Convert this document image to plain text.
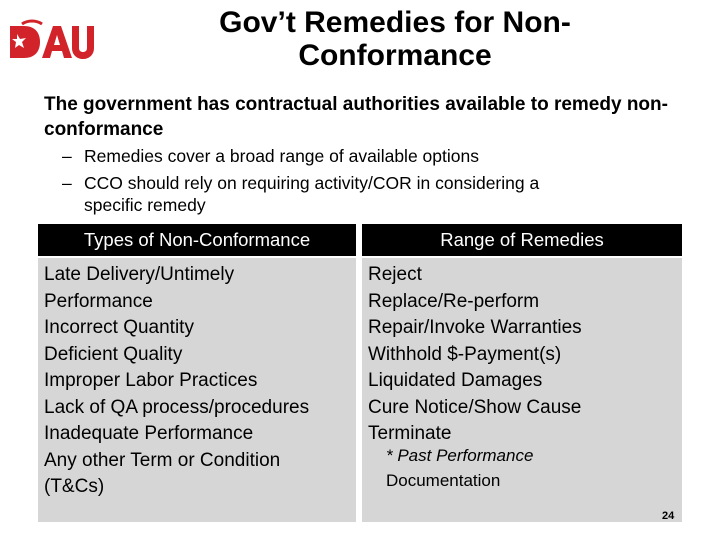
Gov’t Remedies for Non-Conformance
The government has contractual authorities available to remedy non-conformance
– Remedies cover a broad range of available options
– CCO should rely on requiring activity/COR in considering a
specific remedy
Types of Non-Conformance	Range of Remedies
Late Delivery/Untimely
Performance
Incorrect Quantity
Deficient Quality
Improper Labor Practices
Lack of QA process/procedures
Inadequate Performance
Any other Term or Condition
(T&Cs)
Reject
Replace/Re-perform
Repair/Invoke Warranties
Withhold $-Payment(s)
Liquidated Damages
Cure Notice/Show Cause
Terminate
* Past Performance
Documentation
24
